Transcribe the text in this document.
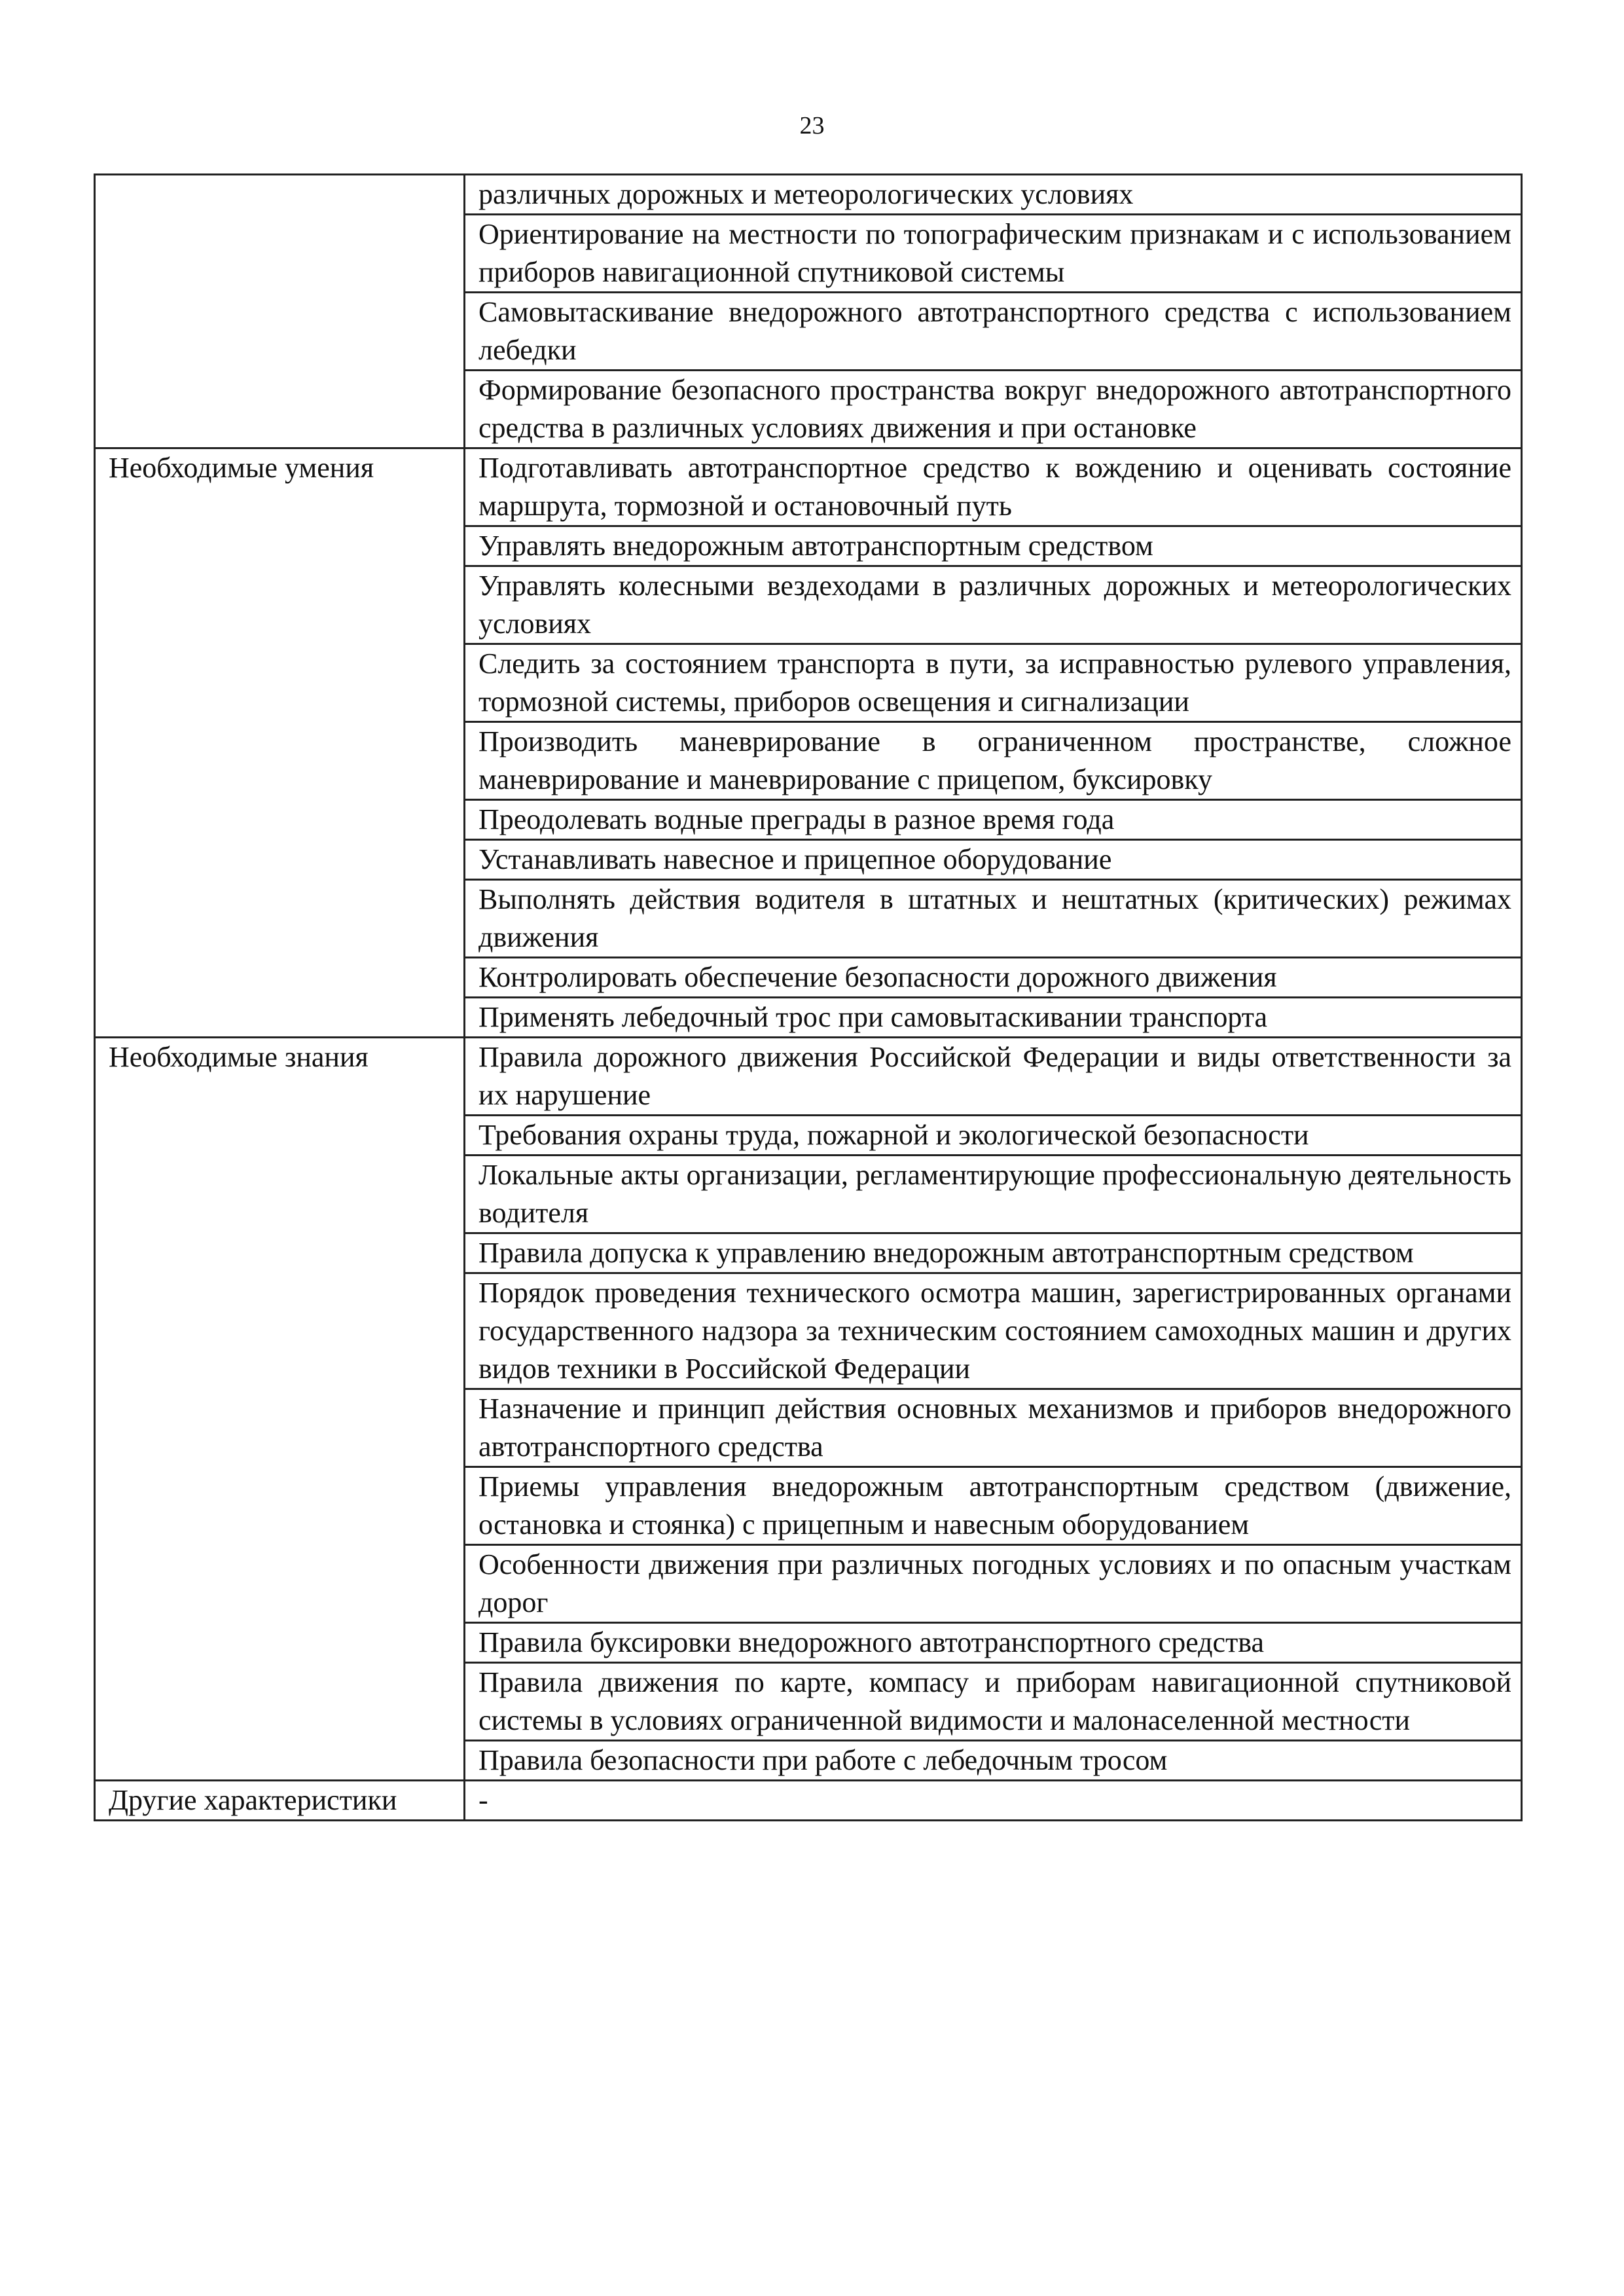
23
	различных дорожных и метеорологических условиях
	Ориентирование на местности по топографическим признакам и с использованием приборов навигационной спутниковой системы
	Самовытаскивание внедорожного автотранспортного средства с использованием лебедки
	Формирование безопасного пространства вокруг внедорожного автотранспортного средства в различных условиях движения и при остановке
Необходимые умения	Подготавливать автотранспортное средство к вождению и оценивать состояние маршрута, тормозной и остановочный путь
	Управлять внедорожным автотранспортным средством
	Управлять колесными вездеходами в различных дорожных и метеорологических условиях
	Следить за состоянием транспорта в пути, за исправностью рулевого управления, тормозной системы, приборов освещения и сигнализации
	Производить маневрирование в ограниченном пространстве, сложное маневрирование и маневрирование с прицепом, буксировку
	Преодолевать водные преграды в разное время года
	Устанавливать навесное и прицепное оборудование
	Выполнять действия водителя в штатных и нештатных (критических) режимах движения
	Контролировать обеспечение безопасности дорожного движения
	Применять лебедочный трос при самовытаскивании транспорта
Необходимые знания	Правила дорожного движения Российской Федерации и виды ответственности за их нарушение
	Требования охраны труда, пожарной и экологической безопасности
	Локальные акты организации, регламентирующие профессиональную деятельность водителя
	Правила допуска к управлению внедорожным автотранспортным средством
	Порядок проведения технического осмотра машин, зарегистрированных органами государственного надзора за техническим состоянием самоходных машин и других видов техники в Российской Федерации
	Назначение и принцип действия основных механизмов и приборов внедорожного автотранспортного средства
	Приемы управления внедорожным автотранспортным средством (движение, остановка и стоянка) с прицепным и навесным оборудованием
	Особенности движения при различных погодных условиях и по опасным участкам дорог
	Правила буксировки внедорожного автотранспортного средства
	Правила движения по карте, компасу и приборам навигационной спутниковой системы в условиях ограниченной видимости и малонаселенной местности
	Правила безопасности при работе с лебедочным тросом
Другие характеристики	-
